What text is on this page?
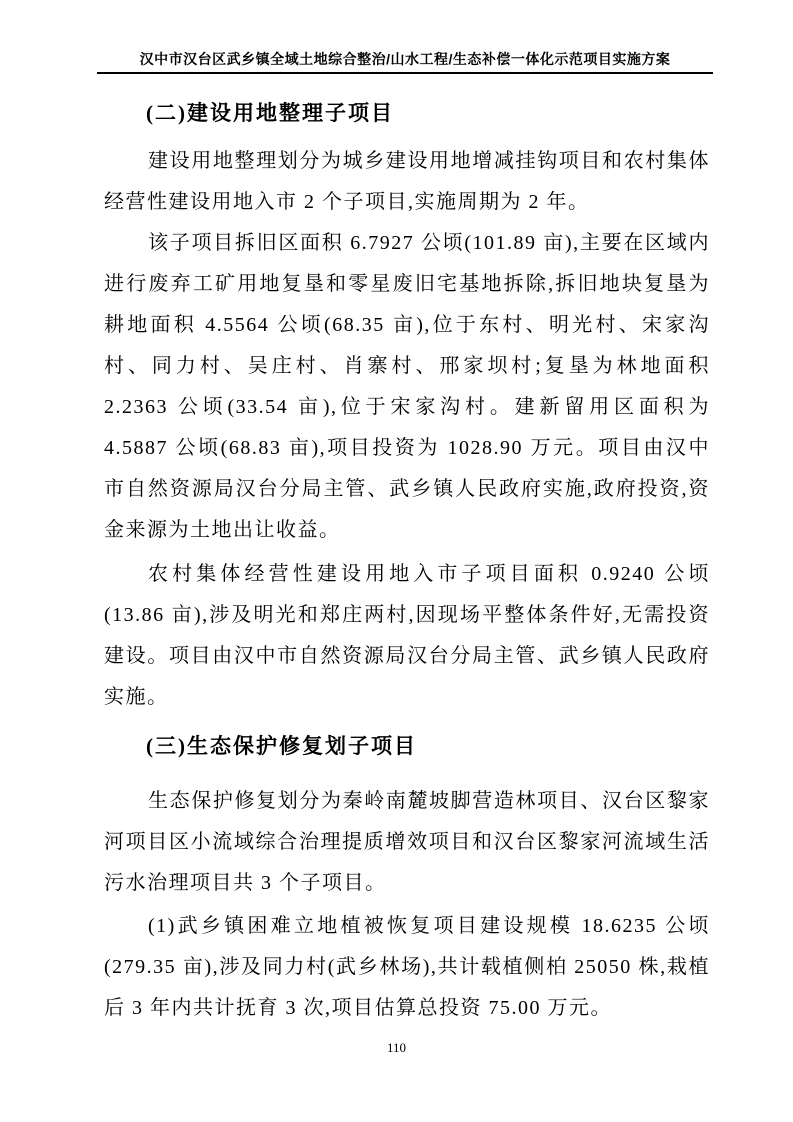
汉中市汉台区武乡镇全域土地综合整治/山水工程/生态补偿一体化示范项目实施方案
(二)建设用地整理子项目

建设用地整理划分为城乡建设用地增减挂钩项目和农村集体经营性建设用地入市 2 个子项目,实施周期为 2 年。

该子项目拆旧区面积 6.7927 公顷(101.89 亩),主要在区域内进行废弃工矿用地复垦和零星废旧宅基地拆除,拆旧地块复垦为耕地面积 4.5564 公顷(68.35 亩),位于东村、明光村、宋家沟村、同力村、吴庄村、肖寨村、邢家坝村;复垦为林地面积 2.2363 公顷(33.54 亩),位于宋家沟村。建新留用区面积为 4.5887 公顷(68.83 亩),项目投资为 1028.90 万元。项目由汉中市自然资源局汉台分局主管、武乡镇人民政府实施,政府投资,资金来源为土地出让收益。

农村集体经营性建设用地入市子项目面积 0.9240 公顷(13.86 亩),涉及明光和郑庄两村,因现场平整体条件好,无需投资建设。项目由汉中市自然资源局汉台分局主管、武乡镇人民政府实施。

(三)生态保护修复划子项目

生态保护修复划分为秦岭南麓坡脚营造林项目、汉台区黎家河项目区小流域综合治理提质增效项目和汉台区黎家河流域生活污水治理项目共 3 个子项目。

(1)武乡镇困难立地植被恢复项目建设规模 18.6235 公顷(279.35 亩),涉及同力村(武乡林场),共计载植侧柏 25050 株,栽植后 3 年内共计抚育 3 次,项目估算总投资 75.00 万元。

110
